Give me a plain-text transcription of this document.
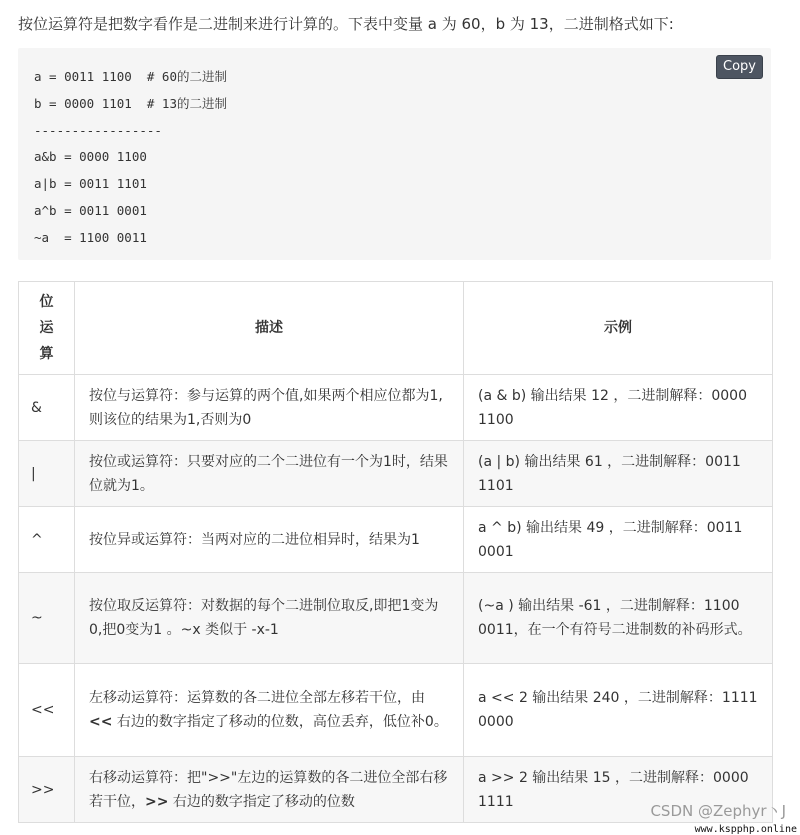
按位运算符是把数字看作是二进制来进行计算的。下表中变量 a 为 60，b 为 13，二进制格式如下:
a = 0011 1100  # 60的二进制
b = 0000 1101  # 13的二进制
-----------------
a&b = 0000 1100
a|b = 0011 1101
a^b = 0011 0001
~a  = 1100 0011
Copy
位
运
算	描述	示例
&	按位与运算符：参与运算的两个值,如果两个相应位都为1,则该位的结果为1,否则为0	(a & b) 输出结果 12 ，二进制解释：0000 1100
|	按位或运算符：只要对应的二个二进位有一个为1时，结果位就为1。	(a | b) 输出结果 61 ，二进制解释：0011 1101
^	按位异或运算符：当两对应的二进位相异时，结果为1	a ^ b) 输出结果 49 ，二进制解释：0011 0001
~	按位取反运算符：对数据的每个二进制位取反,即把1变为0,把0变为1 。~x 类似于 -x-1	(~a ) 输出结果 -61 ，二进制解释：1100 0011，在一个有符号二进制数的补码形式。
<<	左移动运算符：运算数的各二进位全部左移若干位，由 << 右边的数字指定了移动的位数，高位丢弃，低位补0。	a << 2 输出结果 240 ，二进制解释：1111 0000
>>	右移动运算符：把">>"左边的运算数的各二进位全部右移若干位，>> 右边的数字指定了移动的位数	a >> 2 输出结果 15 ，二进制解释：0000 1111
CSDN @Zephyr丶J
www.kspphp.online
